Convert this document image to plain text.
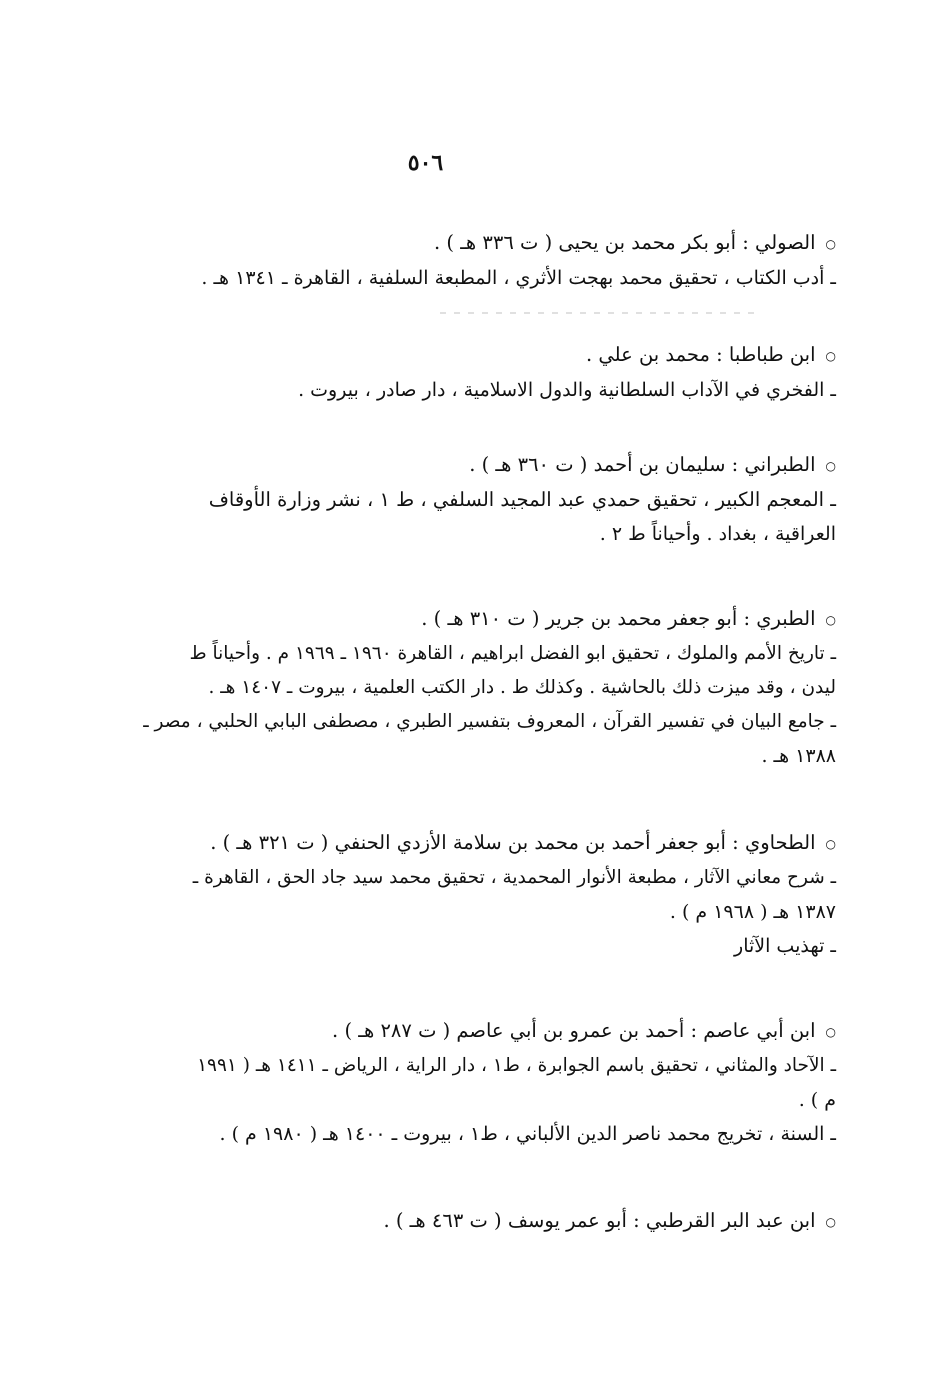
٥٠٦
○الصولي : أبو بكر محمد بن يحيى ( ت ٣٣٦ هـ ) .
ـ أدب الكتاب ، تحقيق محمد بهجت الأثري ، المطبعة السلفية ، القاهرة ـ ١٣٤١ هـ .
○ابن طباطبا : محمد بن علي .
ـ الفخري في الآداب السلطانية والدول الاسلامية ، دار صادر ، بيروت .
○الطبراني : سليمان بن أحمد ( ت ٣٦٠ هـ ) .
ـ المعجم الكبير ، تحقيق حمدي عبد المجيد السلفي ، ط ١ ، نشر وزارة الأوقاف
العراقية ، بغداد . وأحياناً ط ٢ .
○الطبري : أبو جعفر محمد بن جرير ( ت ٣١٠ هـ ) .
ـ تاريخ الأمم والملوك ، تحقيق ابو الفضل ابراهيم ، القاهرة ١٩٦٠ ـ ١٩٦٩ م . وأحياناً ط
ليدن ، وقد ميزت ذلك بالحاشية . وكذلك ط . دار الكتب العلمية ، بيروت ـ ١٤٠٧ هـ .
ـ جامع البيان في تفسير القرآن ، المعروف بتفسير الطبري ، مصطفى البابي الحلبي ، مصر ـ
١٣٨٨ هـ .
○الطحاوي : أبو جعفر أحمد بن محمد بن سلامة الأزدي الحنفي ( ت ٣٢١ هـ ) .
ـ شرح معاني الآثار ، مطبعة الأنوار المحمدية ، تحقيق محمد سيد جاد الحق ، القاهرة ـ
١٣٨٧ هـ ( ١٩٦٨ م ) .
ـ تهذيب الآثار
○ابن أبي عاصم : أحمد بن عمرو بن أبي عاصم ( ت ٢٨٧ هـ ) .
ـ الآحاد والمثاني ، تحقيق باسم الجوابرة ، ط١ ، دار الراية ، الرياض ـ ١٤١١ هـ ( ١٩٩١
م ) .
ـ السنة ، تخريج محمد ناصر الدين الألباني ، ط١ ، بيروت ـ ١٤٠٠ هـ ( ١٩٨٠ م ) .
○ابن عبد البر القرطبي : أبو عمر يوسف ( ت ٤٦٣ هـ ) .
